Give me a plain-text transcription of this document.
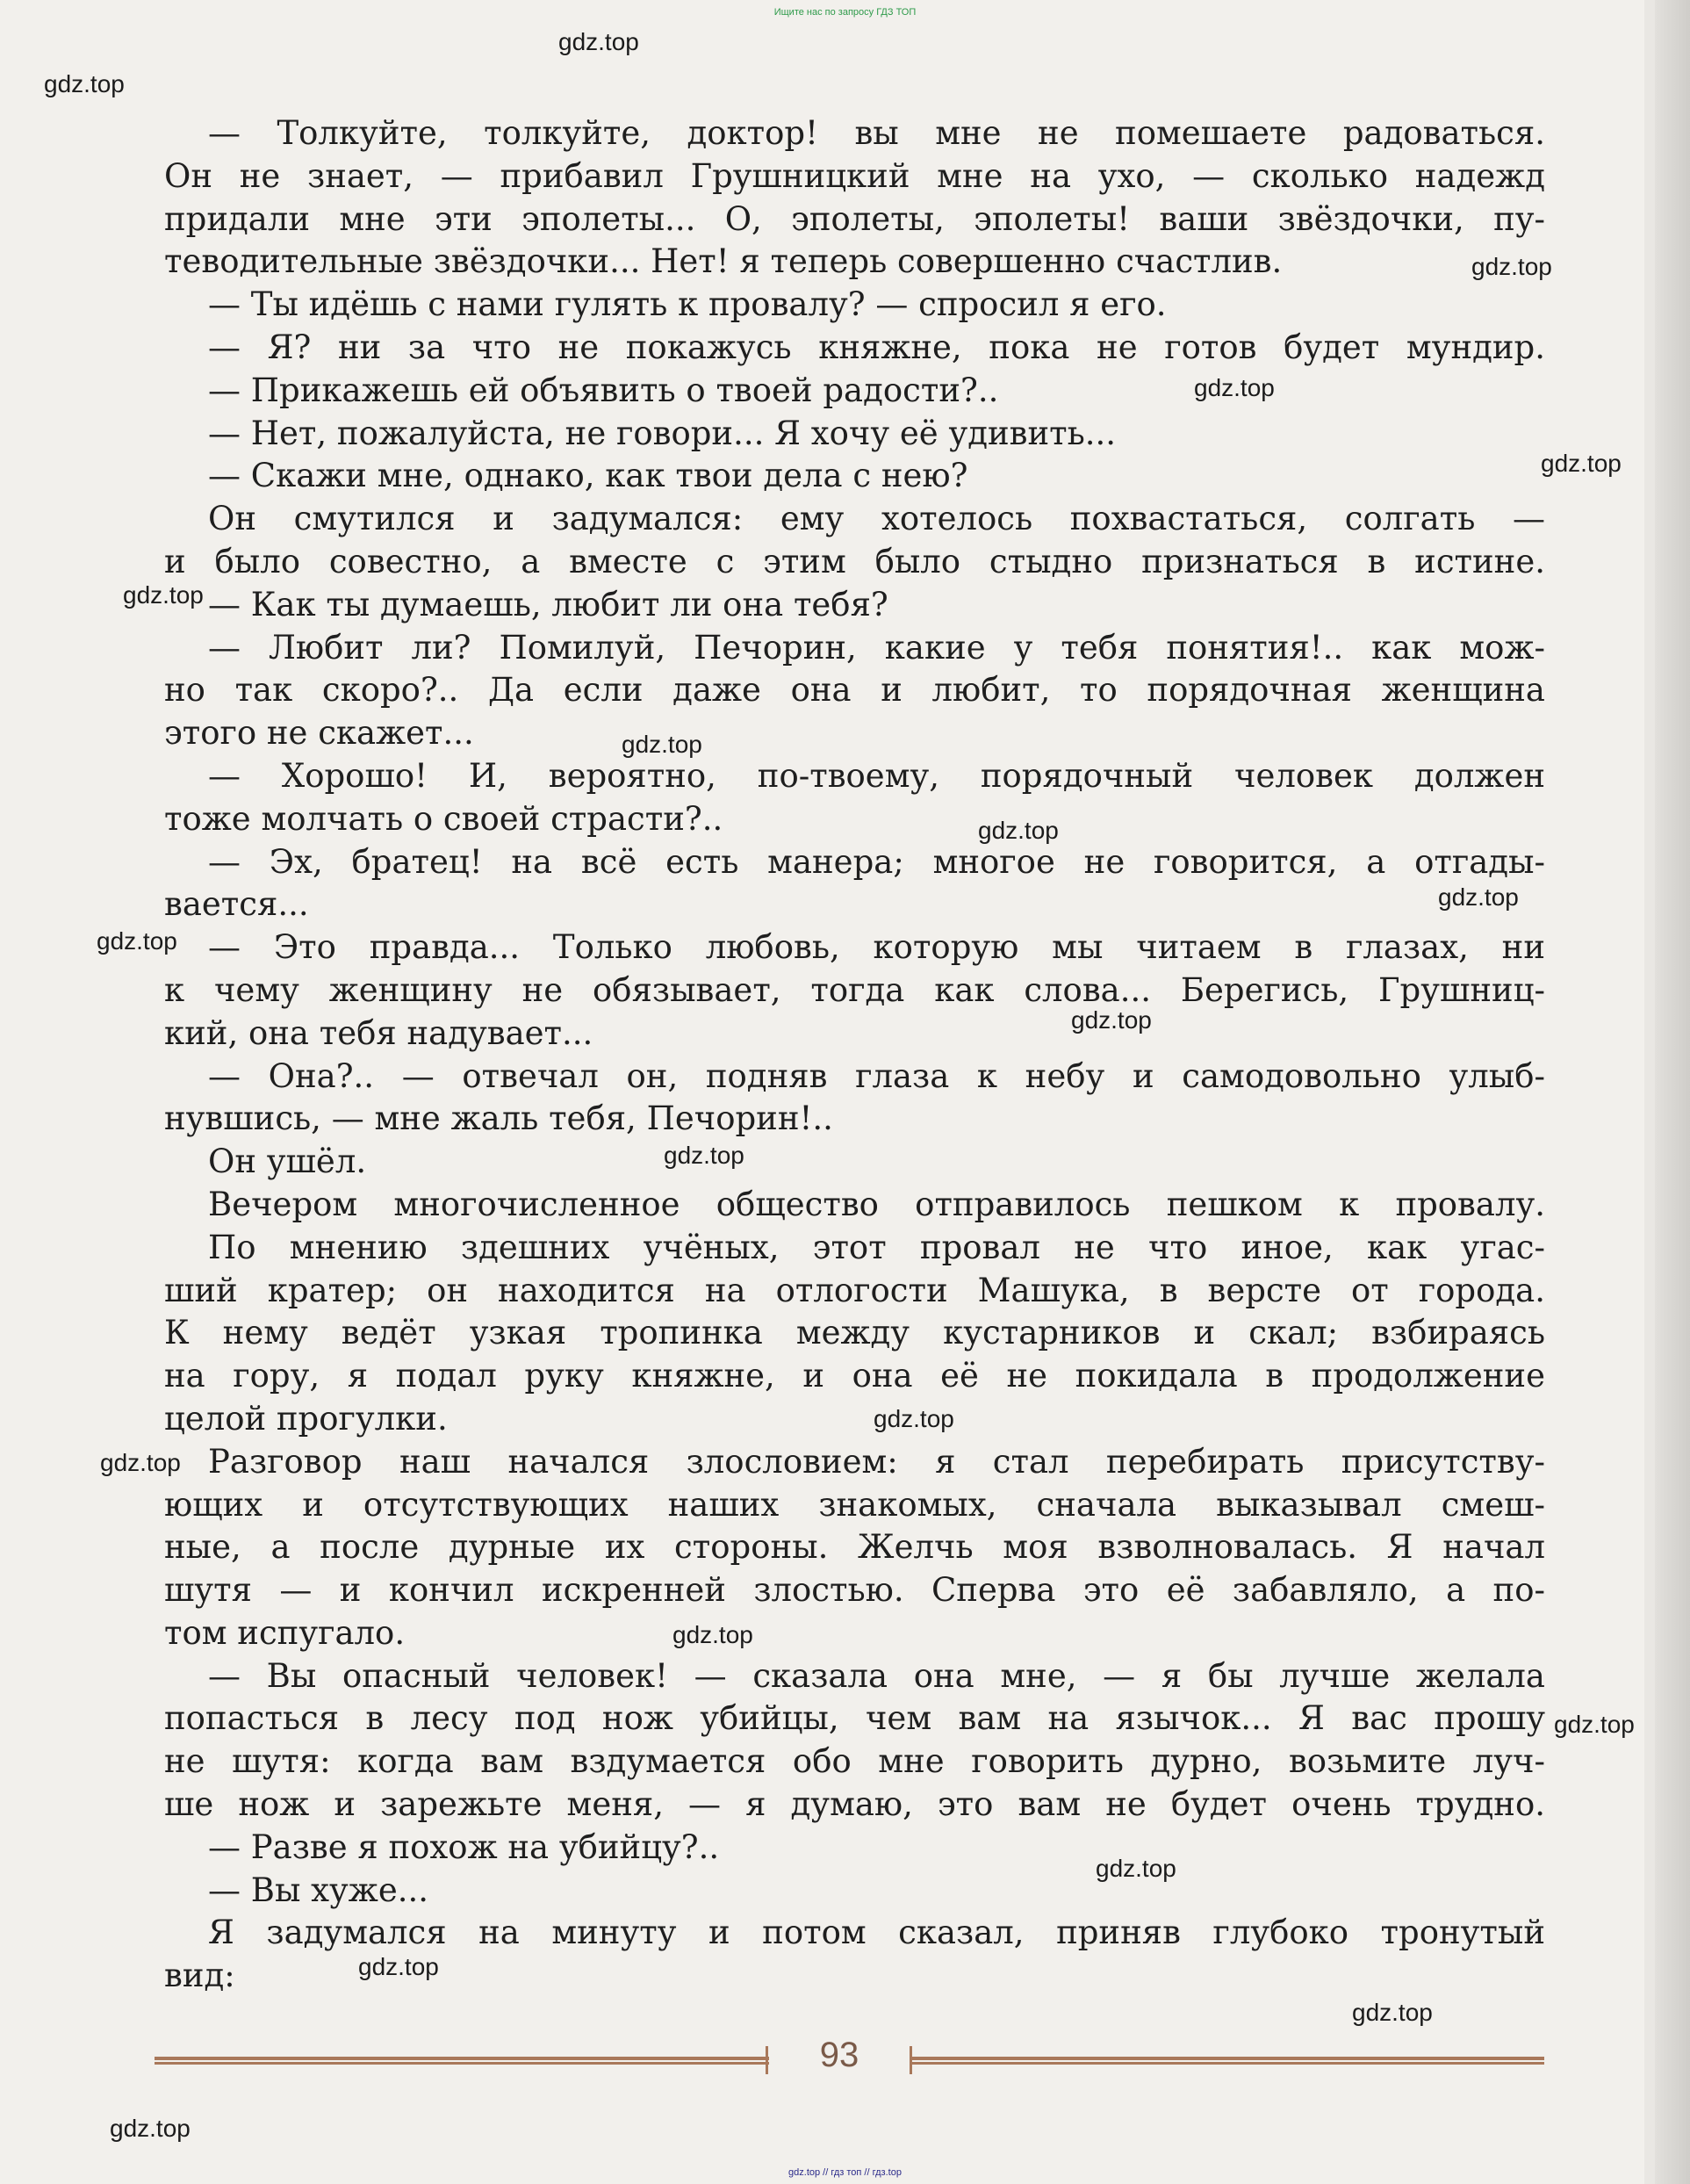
Ищите нас по запросу ГДЗ ТОП
— Толкуйте, толкуйте, доктор! вы мне не помешаете радоваться.
Он не знает, — прибавил Грушницкий мне на ухо, — сколько надежд
придали мне эти эполеты... О, эполеты, эполеты! ваши звёздочки, пу-
теводительные звёздочки... Нет! я теперь совершенно счастлив.
— Ты идёшь с нами гулять к провалу? — спросил я его.
— Я? ни за что не покажусь княжне, пока не готов будет мундир.
— Прикажешь ей объявить о твоей радости?..
— Нет, пожалуйста, не говори... Я хочу её удивить...
— Скажи мне, однако, как твои дела с нею?
Он смутился и задумался: ему хотелось похвастаться, солгать —
и было совестно, а вместе с этим было стыдно признаться в истине.
— Как ты думаешь, любит ли она тебя?
— Любит ли? Помилуй, Печорин, какие у тебя понятия!.. как мож-
но так скоро?.. Да если даже она и любит, то порядочная женщина
этого не скажет...
— Хорошо! И, вероятно, по-твоему, порядочный человек должен
тоже молчать о своей страсти?..
— Эх, братец! на всё есть манера; многое не говорится, а отгады-
вается...
— Это правда... Только любовь, которую мы читаем в глазах, ни
к чему женщину не обязывает, тогда как слова... Берегись, Грушниц-
кий, она тебя надувает...
— Она?.. — отвечал он, подняв глаза к небу и самодовольно улыб-
нувшись, — мне жаль тебя, Печорин!..
Он ушёл.
Вечером многочисленное общество отправилось пешком к провалу.
По мнению здешних учёных, этот провал не что иное, как угас-
ший кратер; он находится на отлогости Машука, в версте от города.
К нему ведёт узкая тропинка между кустарников и скал; взбираясь
на гору, я подал руку княжне, и она её не покидала в продолжение
целой прогулки.
Разговор наш начался злословием: я стал перебирать присутству-
ющих и отсутствующих наших знакомых, сначала выказывал смеш-
ные, а после дурные их стороны. Желчь моя взволновалась. Я начал
шутя — и кончил искренней злостью. Сперва это её забавляло, а по-
том испугало.
— Вы опасный человек! — сказала она мне, — я бы лучше желала
попасться в лесу под нож убийцы, чем вам на язычок... Я вас прошу
не шутя: когда вам вздумается обо мне говорить дурно, возьмите луч-
ше нож и зарежьте меня, — я думаю, это вам не будет очень трудно.
— Разве я похож на убийцу?..
— Вы хуже...
Я задумался на минуту и потом сказал, приняв глубоко тронутый
вид:
gdz.top
gdz.top
gdz.top
gdz.top
gdz.top
gdz.top
gdz.top
gdz.top
gdz.top
gdz.top
gdz.top
gdz.top
gdz.top
gdz.top
gdz.top
gdz.top
gdz.top
gdz.top
gdz.top
gdz.top
93
gdz.top // гдз топ // гдз.top
